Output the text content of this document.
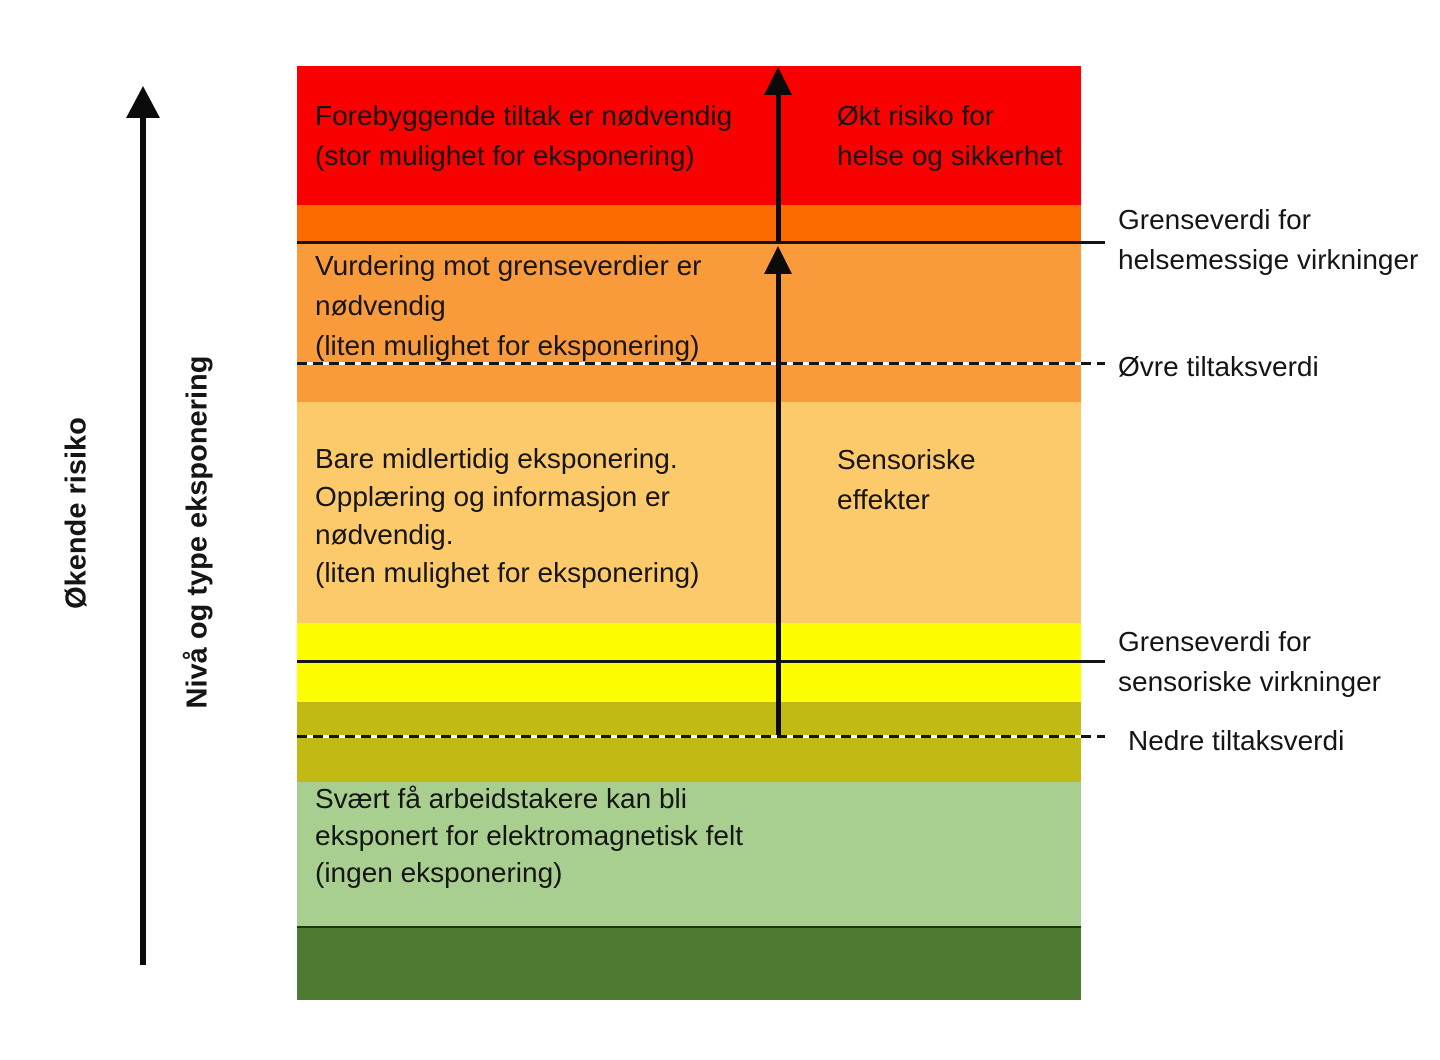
Økende risiko	Nivå og type eksponering
Forebyggende tiltak er nødvendig
(stor mulighet for eksponering)
Økt risiko for
helse og sikkerhet
Vurdering mot grenseverdier er
nødvendig
(liten mulighet for eksponering)
Bare midlertidig eksponering.
Opplæring og informasjon er
nødvendig.
(liten mulighet for eksponering)
Sensoriske
effekter
Svært få arbeidstakere kan bli
eksponert for elektromagnetisk felt
(ingen eksponering)
Grenseverdi for
helsemessige virkninger
Øvre tiltaksverdi
Grenseverdi for
sensoriske virkninger
Nedre tiltaksverdi
